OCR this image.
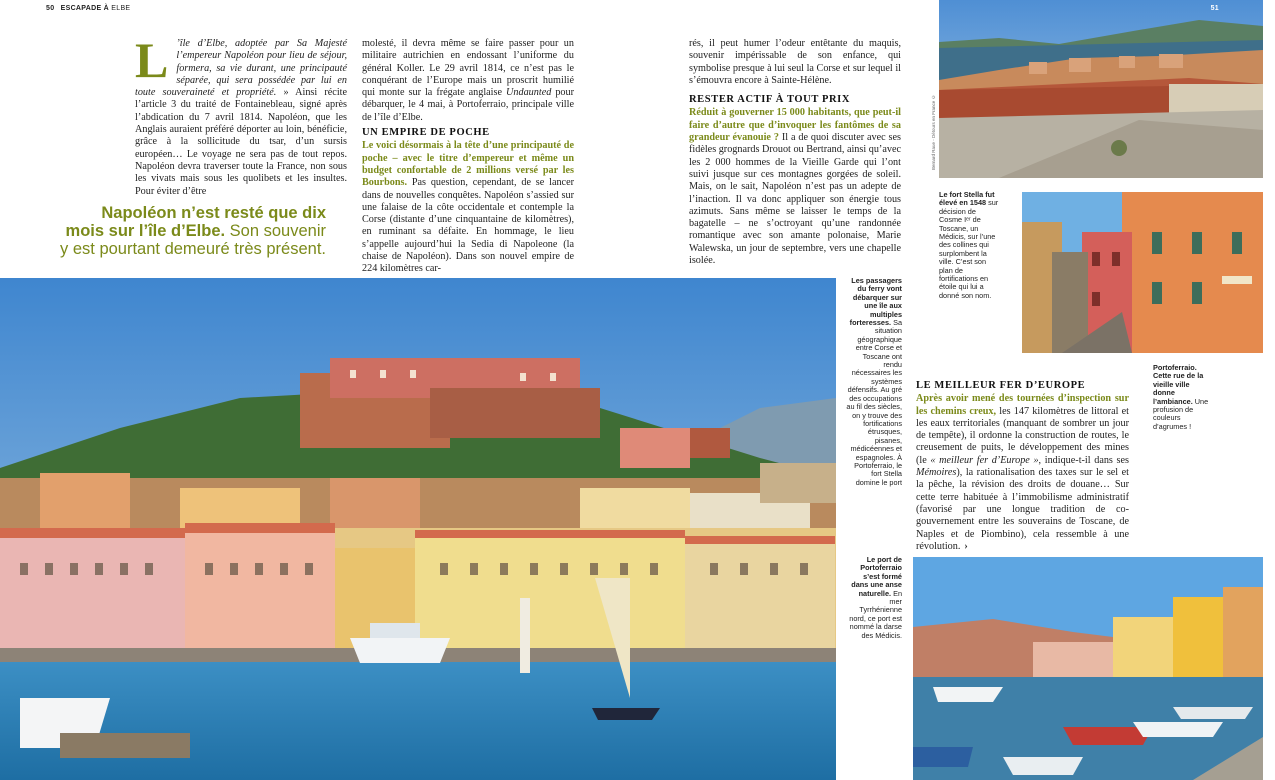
50 ESCAPADE À ELBE
L ’île d’Elbe, adoptée par Sa Majesté l’empereur Napoléon pour lieu de séjour, formera, sa vie durant, une principauté séparée, qui sera possédée par lui en toute souveraineté et propriété. » Ainsi récite l’article 3 du traité de Fontainebleau, signé après l’abdication du 7 avril 1814. Napoléon, que les Anglais auraient préféré déporter au loin, bénéficie, grâce à la sollicitude du tsar, d’un sursis européen… Le voyage ne sera pas de tout repos. Napoléon devra traverser toute la France, non sous les vivats mais sous les quolibets et les insultes. Pour éviter d’être
Napoléon n’est resté que dix mois sur l’île d’Elbe. Son souvenir y est pourtant demeuré très présent.

molesté, il devra même se faire passer pour un militaire autrichien en endossant l’uniforme du général Koller. Le 29 avril 1814, ce n’est pas le conquérant de l’Europe mais un proscrit humilié qui monte sur la frégate anglaise Undaunted pour débarquer, le 4 mai, à Portoferraio, principale ville de l’île d’Elbe.

UN EMPIRE DE POCHE

Le voici désormais à la tête d’une principauté de poche – avec le titre d’empereur et même un budget confortable de 2 millions versé par les Bourbons. Pas question, cependant, de se lancer dans de nouvelles conquêtes. Napoléon s’assied sur une falaise de la côte occidentale et contemple la Corse (distante d’une cinquantaine de kilomètres), en ruminant sa défaite. En hommage, le lieu s’appelle aujourd’hui la Sedia di Napoleone (la chaise de Napoléon). Dans son nouvel empire de 224 kilomètres car-

rés, il peut humer l’odeur entêtante du maquis, souvenir impérissable de son enfance, qui symbolise presque à lui seul la Corse et sur lequel il s’émouvra encore à Sainte-Hélène.

RESTER ACTIF À TOUT PRIX

Réduit à gouverner 15 000 habitants, que peut-il faire d’autre que d’invoquer les fantômes de sa grandeur évanouie ? Il a de quoi discuter avec ses fidèles grognards Drouot ou Bertrand, ainsi qu’avec les 2 000 hommes de la Vieille Garde qui l’ont suivi jusque sur ces montagnes gorgées de soleil. Mais, on le sait, Napoléon n’est pas un adepte de l’inaction. Il va donc appliquer son énergie tous azimuts. Sans même se laisser le temps de la bagatelle – ne s’octroyant qu’une randonnée romantique avec son amante polonaise, Marie Walewska, un jour de septembre, vers une chapelle isolée.

51
Bernard Raue - Détours en France ©
Le fort Stella fut élevé en 1548 sur décision de Cosme Iᵉʳ de Toscane, un Médicis, sur l’une des collines qui surplombent la ville. C’est son plan de fortifications en étoile qui lui a donné son nom.
Portoferraio. Cette rue de la vieille ville donne l’ambiance. Une profusion de couleurs d’agrumes !
LE MEILLEUR FER D’EUROPE

Après avoir mené des tournées d’inspection sur les chemins creux, les 147 kilomètres de littoral et les eaux territoriales (manquant de sombrer un jour de tempête), il ordonne la construction de routes, le creusement de puits, le développement des mines (le « meilleur fer d’Europe », indique-t-il dans ses Mémoires), la rationalisation des taxes sur le sel et la pêche, la révision des droits de douane… Sur cette terre habituée à l’immobilisme administratif (favorisé par une longue tradition de co-gouvernement entre les souverains de Toscane, de Naples et de Piombino), cela ressemble à une révolution. ›

Les passagers du ferry vont débarquer sur une île aux multiples forteresses. Sa situation géographique entre Corse et Toscane ont rendu nécessaires les systèmes défensifs. Au gré des occupations au fil des siècles, on y trouve des fortifications étrusques, pisanes, médicéennes et espagnoles. À Portoferraio, le fort Stella domine le port
Le port de Portoferraio s’est formé dans une anse naturelle. En mer Tyrrhénienne nord, ce port est nommé la darse des Médicis.
